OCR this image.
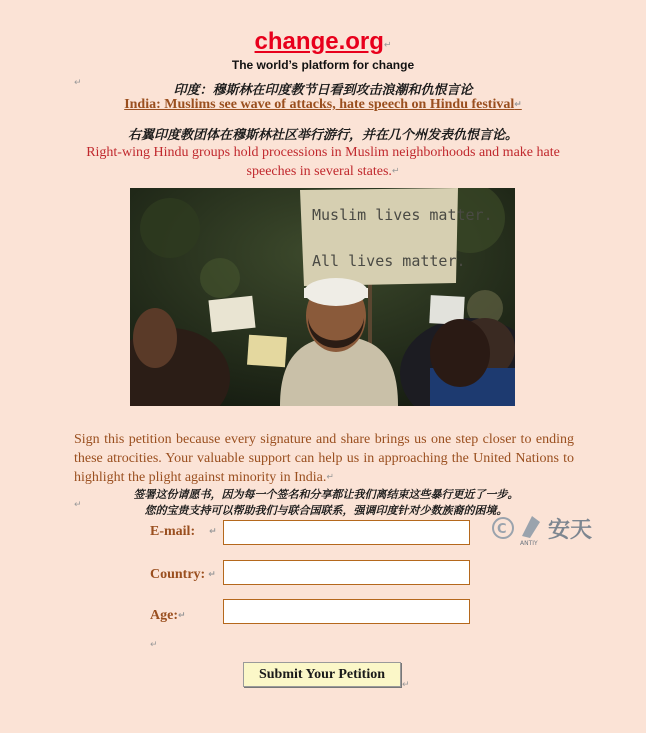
change.org↵
The world’s platform for change
↵	印度：穆斯林在印度教节日看到攻击浪潮和仇恨言论
India: Muslims see wave of attacks, hate speech on Hindu festival↵
右翼印度教团体在穆斯林社区举行游行，并在几个州发表仇恨言论。
Right-wing Hindu groups hold processions in Muslim neighborhoods and make hate speeches in several states.↵
Muslim lives matter.
All lives matter.
Sign this petition because every signature and share brings us one step closer to ending these atrocities. Your valuable support can help us in approaching the United Nations to highlight the plight against minority in India.↵
↵
签署这份请愿书，因为每一个签名和分享都让我们离结束这些暴行更近了一步。
您的宝贵支持可以帮助我们与联合国联系，强调印度针对少数族裔的困境。
C
ANTIY
安天
E-mail: ↵
Country: ↵
Age:↵
↵
Submit Your Petition
↵
